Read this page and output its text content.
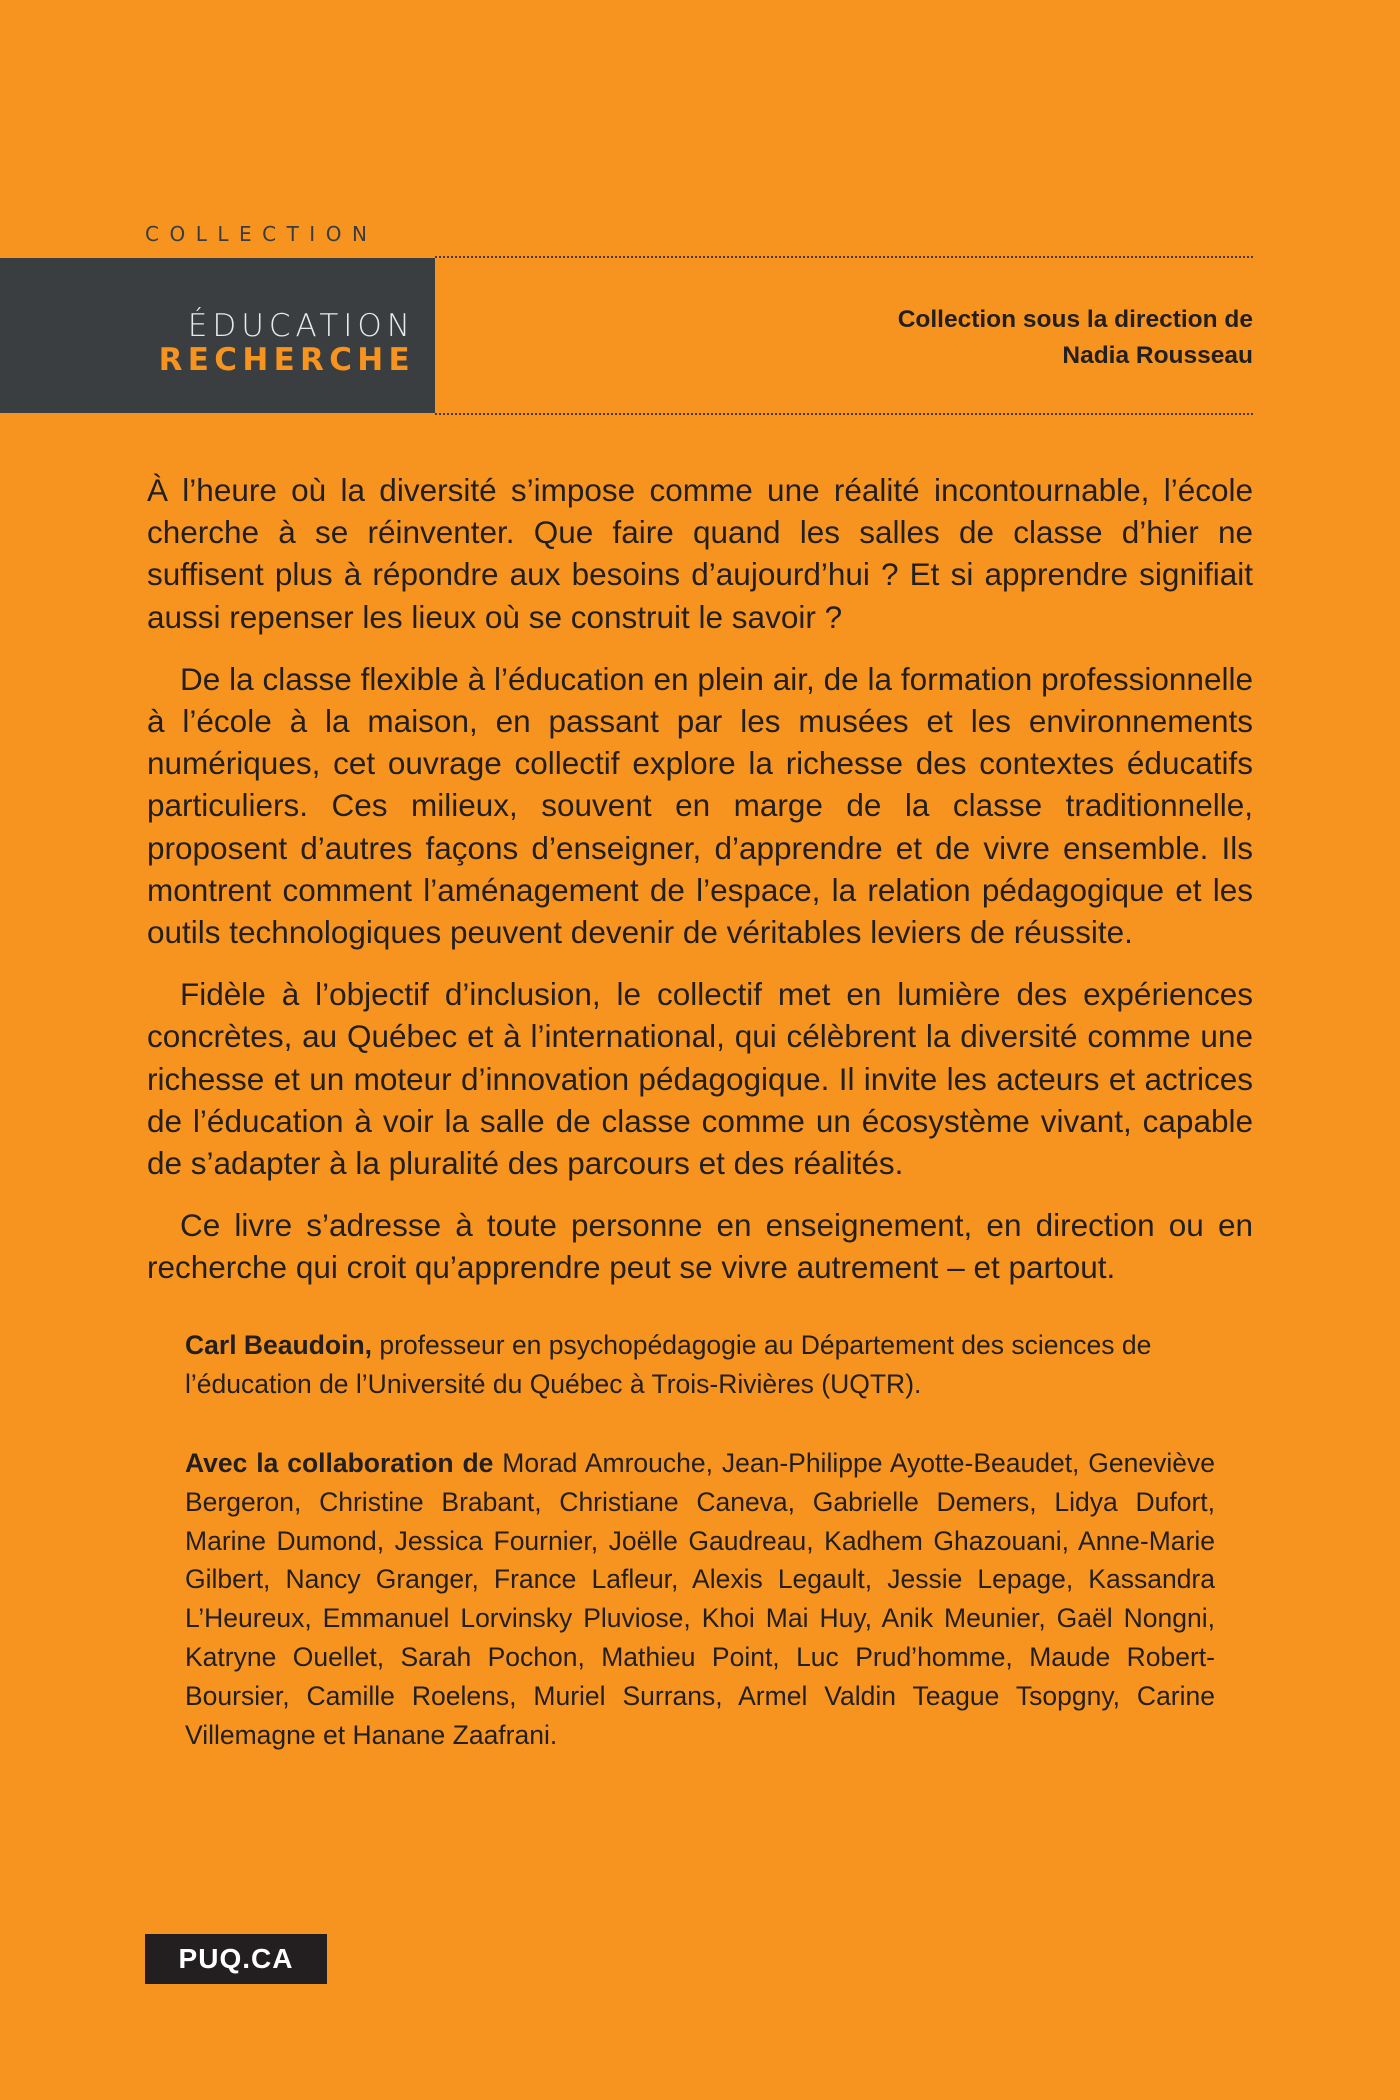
COLLECTION
ÉDUCATION
RECHERCHE
Collection sous la direction de
Nadia Rousseau

À l’heure où la diversité s’impose comme une réalité incontournable, l’école cherche à se réinventer. Que faire quand les salles de classe d’hier ne suffisent plus à répondre aux besoins d’aujourd’hui ? Et si apprendre signifiait aussi repenser les lieux où se construit le savoir ?

De la classe flexible à l’éducation en plein air, de la formation professionnelle à l’école à la maison, en passant par les musées et les environnements numériques, cet ouvrage collectif explore la richesse des contextes éducatifs particuliers. Ces milieux, souvent en marge de la classe traditionnelle, proposent d’autres façons d’enseigner, d’apprendre et de vivre ensemble. Ils montrent comment l’aménagement de l’espace, la relation pédagogique et les outils technologiques peuvent devenir de véritables leviers de réussite.

Fidèle à l’objectif d’inclusion, le collectif met en lumière des expériences concrètes, au Québec et à l’international, qui célèbrent la diversité comme une richesse et un moteur d’innovation pédagogique. Il invite les acteurs et actrices de l’éducation à voir la salle de classe comme un écosystème vivant, capable de s’adapter à la pluralité des parcours et des réalités.

Ce livre s’adresse à toute personne en enseignement, en direction ou en recherche qui croit qu’apprendre peut se vivre autrement – et partout.

Carl Beaudoin, professeur en psychopédagogie au Département des sciences de l’éducation de l’Université du Québec à Trois-Rivières (UQTR).
Avec la collaboration de Morad Amrouche, Jean-Philippe Ayotte-Beaudet, Geneviève Bergeron, Christine Brabant, Christiane Caneva, Gabrielle Demers, Lidya Dufort, Marine Dumond, Jessica Fournier, Joëlle Gaudreau, Kadhem Ghazouani, Anne-Marie Gilbert, Nancy Granger, France Lafleur, Alexis Legault, Jessie Lepage, Kassandra L’Heureux, Emmanuel Lorvinsky Pluviose, Khoi Mai Huy, Anik Meunier, Gaël Nongni, Katryne Ouellet, Sarah Pochon, Mathieu Point, Luc Prud’homme, Maude Robert-Boursier, Camille Roelens, Muriel Surrans, Armel Valdin Teague Tsopgny, Carine Villemagne et Hanane Zaafrani.
PUQ.CA
